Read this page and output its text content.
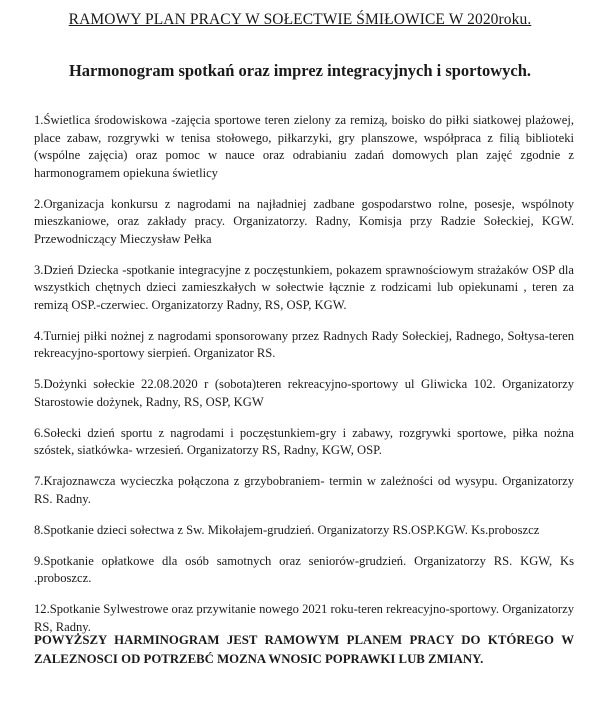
RAMOWY PLAN PRACY W SOŁECTWIE ŚMIŁOWICE W 2020roku.
Harmonogram spotkań oraz imprez integracyjnych i sportowych.

1.Świetlica środowiskowa -zajęcia sportowe teren zielony za remizą, boisko do piłki siatkowej plażowej, place zabaw, rozgrywki w tenisa stołowego, piłkarzyki, gry planszowe, współpraca z filią biblioteki (wspólne zajęcia) oraz pomoc w nauce oraz odrabianiu zadań domowych plan zajęć zgodnie z harmonogramem opiekuna świetlicy

2.Organizacja konkursu z nagrodami na najładniej zadbane gospodarstwo rolne, posesje, wspólnoty mieszkaniowe, oraz zakłady pracy. Organizatorzy. Radny, Komisja przy Radzie Sołeckiej, KGW. Przewodniczący Mieczysław Pełka

3.Dzień Dziecka -spotkanie integracyjne z poczęstunkiem, pokazem sprawnościowym strażaków OSP dla wszystkich chętnych dzieci zamieszkałych w sołectwie łącznie z rodzicami lub opiekunami , teren za remizą OSP.-czerwiec. Organizatorzy Radny, RS, OSP, KGW.

4.Turniej piłki nożnej z nagrodami sponsorowany przez Radnych Rady Sołeckiej, Radnego, Sołtysa-teren rekreacyjno-sportowy sierpień. Organizator RS.

5.Dożynki sołeckie 22.08.2020 r (sobota)teren rekreacyjno-sportowy ul Gliwicka 102. Organizatorzy Starostowie dożynek, Radny, RS, OSP, KGW

6.Sołecki dzień sportu z nagrodami i poczęstunkiem-gry i zabawy, rozgrywki sportowe, piłka nożna szóstek, siatkówka- wrzesień. Organizatorzy RS, Radny, KGW, OSP.

7.Krajoznawcza wycieczka połączona z grzybobraniem- termin w zależności od wysypu. Organizatorzy RS. Radny.

8.Spotkanie dzieci sołectwa z Sw. Mikołajem-grudzień. Organizatorzy RS.OSP.KGW. Ks.proboszcz

9.Spotkanie opłatkowe dla osób samotnych oraz seniorów-grudzień. Organizatorzy RS. KGW, Ks .proboszcz.

12.Spotkanie Sylwestrowe oraz przywitanie nowego 2021 roku-teren rekreacyjno-sportowy. Organizatorzy RS, Radny.

POWYŻSZY HARMINOGRAM JEST RAMOWYM PLANEM PRACY DO KTÓREGO W ZALEZNOSCI OD POTRZEBĆ MOZNA WNOSIC POPRAWKI LUB ZMIANY.
